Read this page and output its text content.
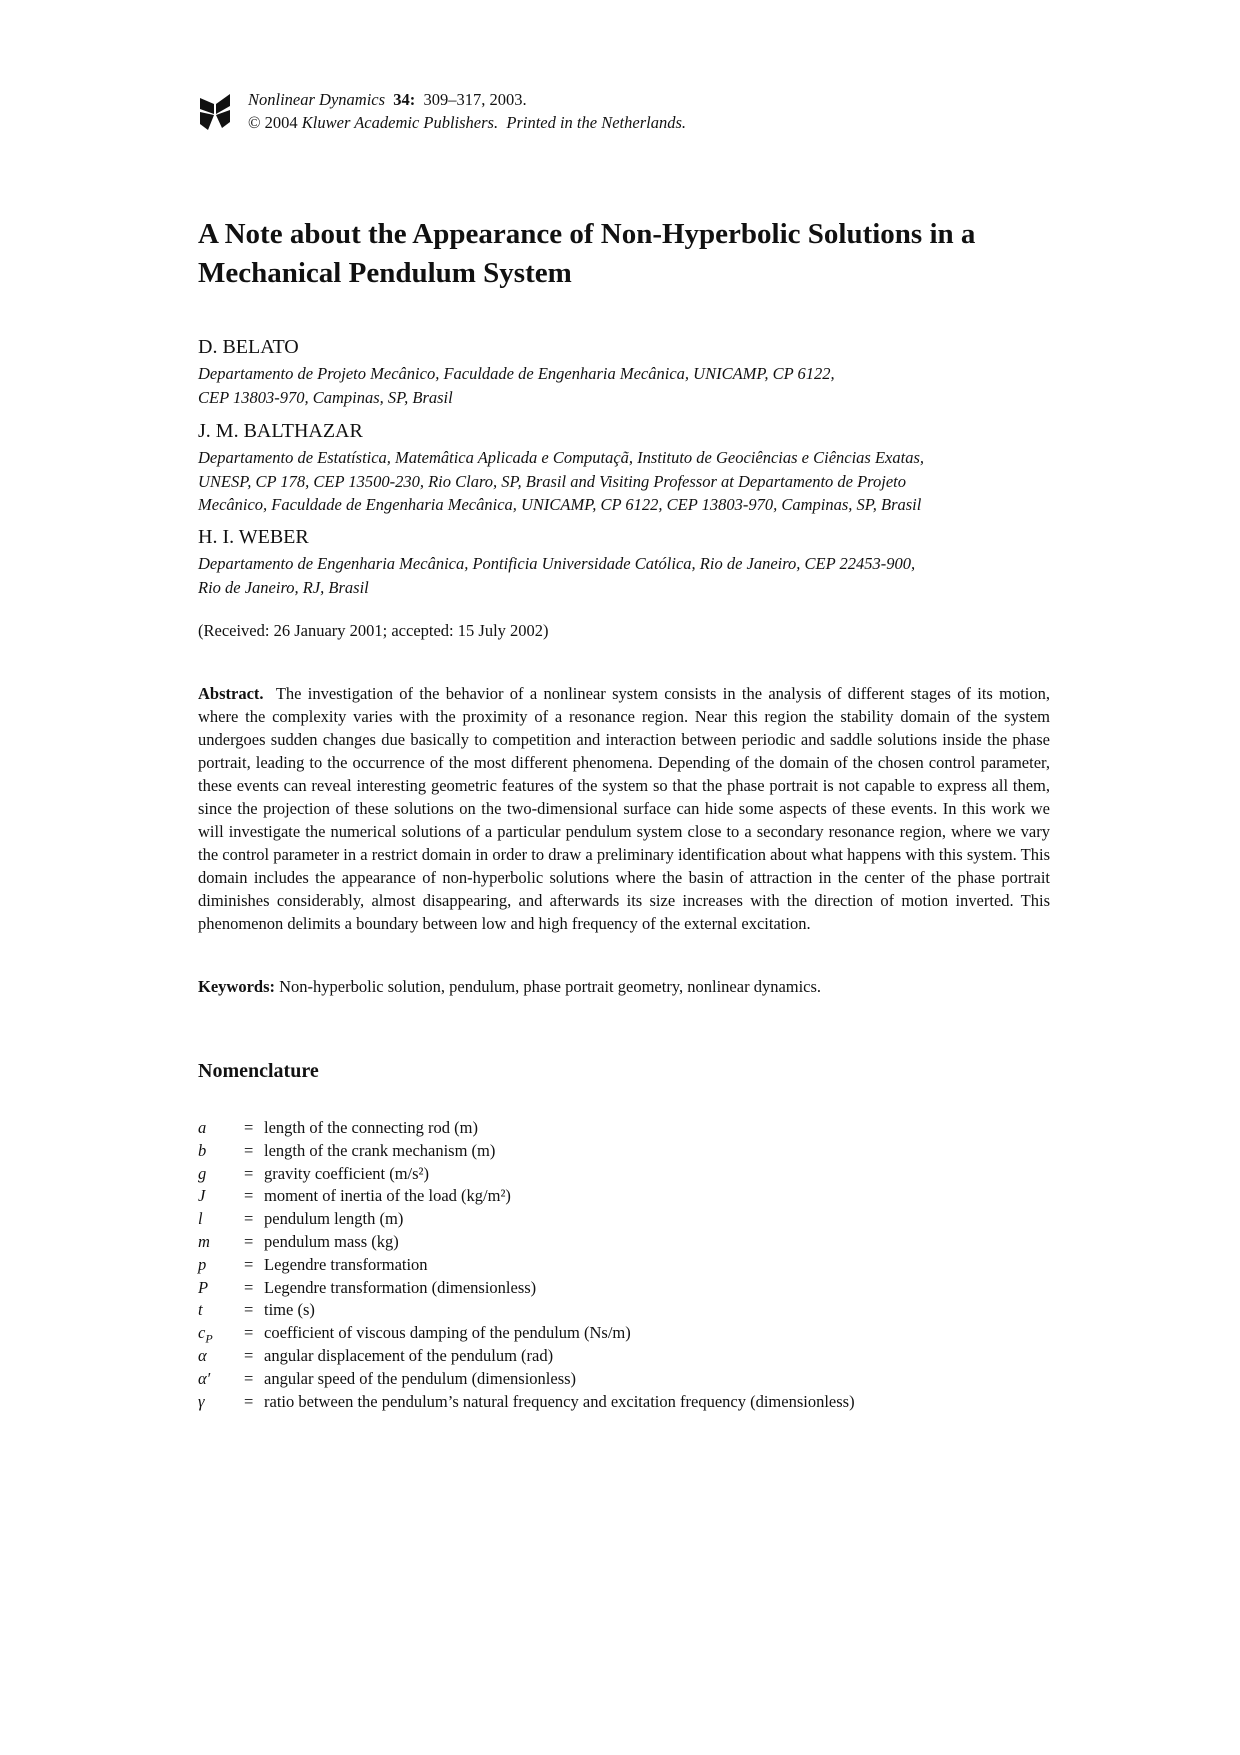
Nonlinear Dynamics 34: 309–317, 2003.
© 2004 Kluwer Academic Publishers. Printed in the Netherlands.
A Note about the Appearance of Non-Hyperbolic Solutions in a
Mechanical Pendulum System

D. BELATO

Departamento de Projeto Mecânico, Faculdade de Engenharia Mecânica, UNICAMP, CP 6122,
CEP 13803-970, Campinas, SP, Brasil

J. M. BALTHAZAR

Departamento de Estatística, Matemâtica Aplicada e Computaçã, Instituto de Geociências e Ciências Exatas,
UNESP, CP 178, CEP 13500-230, Rio Claro, SP, Brasil and Visiting Professor at Departamento de Projeto
Mecânico, Faculdade de Engenharia Mecânica, UNICAMP, CP 6122, CEP 13803-970, Campinas, SP, Brasil

H. I. WEBER

Departamento de Engenharia Mecânica, Pontificia Universidade Católica, Rio de Janeiro, CEP 22453-900,
Rio de Janeiro, RJ, Brasil

(Received: 26 January 2001; accepted: 15 July 2002)

Abstract. The investigation of the behavior of a nonlinear system consists in the analysis of different stages of its motion, where the complexity varies with the proximity of a resonance region. Near this region the stability domain of the system undergoes sudden changes due basically to competition and interaction between periodic and saddle solutions inside the phase portrait, leading to the occurrence of the most different phenomena. Depending of the domain of the chosen control parameter, these events can reveal interesting geometric features of the system so that the phase portrait is not capable to express all them, since the projection of these solutions on the two-dimensional surface can hide some aspects of these events. In this work we will investigate the numerical solutions of a particular pendulum system close to a secondary resonance region, where we vary the control parameter in a restrict domain in order to draw a preliminary identification about what happens with this system. This domain includes the appearance of non-hyperbolic solutions where the basin of attraction in the center of the phase portrait diminishes considerably, almost disappearing, and afterwards its size increases with the direction of motion inverted. This phenomenon delimits a boundary between low and high frequency of the external excitation.

Keywords: Non-hyperbolic solution, pendulum, phase portrait geometry, nonlinear dynamics.
Nomenclature
a	= length of the connecting rod (m)
b	= length of the crank mechanism (m)
g	= gravity coefficient (m/s²)
J	= moment of inertia of the load (kg/m²)
l	= pendulum length (m)
m	= pendulum mass (kg)
p	= Legendre transformation
P	= Legendre transformation (dimensionless)
t	= time (s)
$c_P$	= coefficient of viscous damping of the pendulum (Ns/m)
α	= angular displacement of the pendulum (rad)
α′	= angular speed of the pendulum (dimensionless)
γ	= ratio between the pendulum’s natural frequency and excitation frequency (dimensionless)
